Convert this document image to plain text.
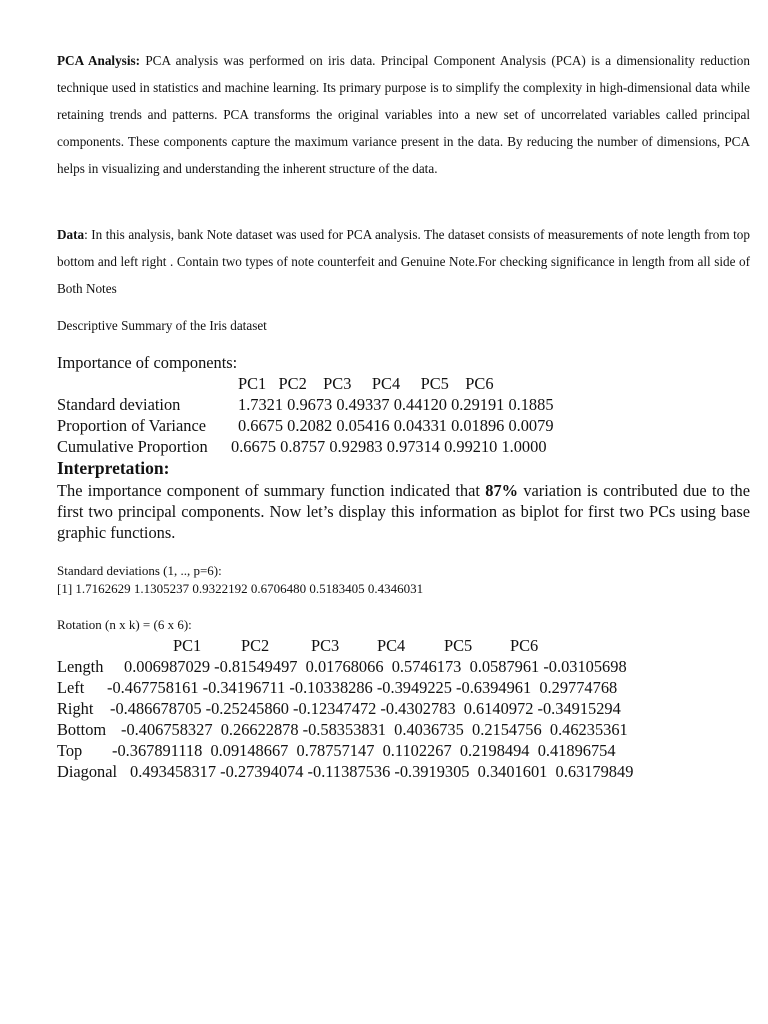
PCA Analysis: PCA analysis was performed on iris data. Principal Component Analysis (PCA) is a dimensionality reduction technique used in statistics and machine learning. Its primary purpose is to simplify the complexity in high-dimensional data while retaining trends and patterns. PCA transforms the original variables into a new set of uncorrelated variables called principal components. These components capture the maximum variance present in the data. By reducing the number of dimensions, PCA helps in visualizing and understanding the inherent structure of the data.

Data: In this analysis, bank Note dataset was used for PCA analysis. The dataset consists of measurements of note length from top bottom and left right . Contain two types of note counterfeit and Genuine Note.For checking significance in length from all side of Both Notes

Descriptive Summary of the Iris dataset
Importance of components:

PC1   PC2    PC3     PC4     PC5    PC6

Standard deviation

	1.7321 0.9673 0.49337 0.44120 0.29191 0.1885

Proportion of Variance

0.6675 0.2082 0.05416 0.04331 0.01896 0.0079

Cumulative Proportion

0.6675 0.8757 0.92983 0.97314 0.99210 1.0000

Interpretation:

The importance component of summary function indicated that 87% variation is contributed due to the first two principal components. Now let’s display this information as biplot for first two PCs using base graphic functions.

Standard deviations (1, .., p=6):
[1] 1.7162629 1.1305237 0.9322192 0.6706480 0.5183405 0.4346031
Rotation (n x k) = (6 x 6):
PC1 PC2	PC3 PC4 PC5 PC6

Length

0.006987029 -0.81549497  0.01768066  0.5746173  0.0587961 -0.03105698

Left

-0.467758161 -0.34196711 -0.10338286 -0.3949225 -0.6394961  0.29774768

Right

-0.486678705 -0.25245860 -0.12347472 -0.4302783  0.6140972 -0.34915294

Bottom

-0.406758327  0.26622878 -0.58353831  0.4036735  0.2154756  0.46235361

Top

-0.367891118  0.09148667  0.78757147  0.1102267  0.2198494  0.41896754

Diagonal

0.493458317 -0.27394074 -0.11387536 -0.3919305  0.3401601  0.63179849
